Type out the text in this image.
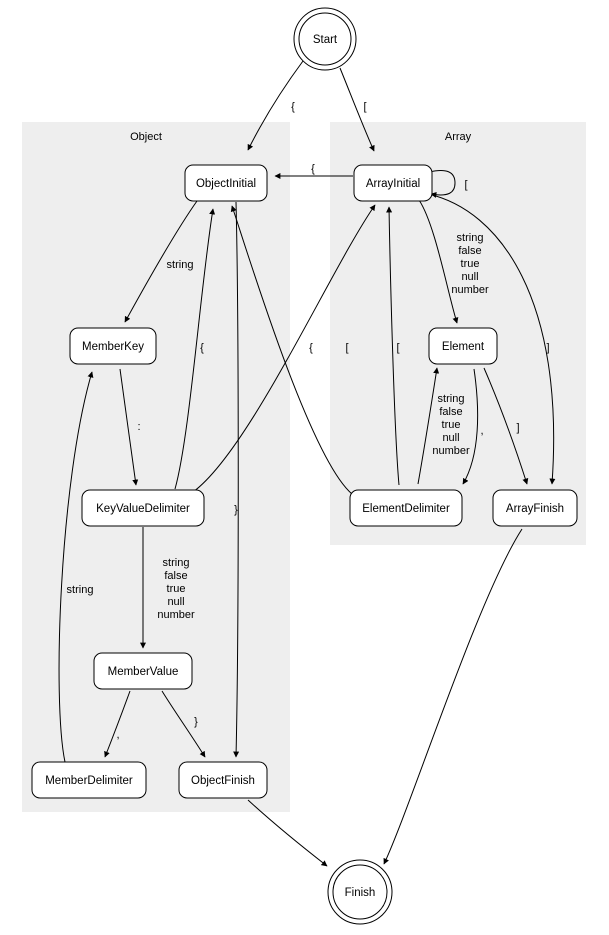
Object	Array
{	[
{
[
string
string
false
true
null
number
:
{	[
{	[
string
false
true
null
number
,	]
]
string
false
true
null
number
,
}
string
}
Start
ObjectInitial	ArrayInitial
MemberKey	Element
KeyValueDelimiter	ElementDelimiter	ArrayFinish
MemberValue
MemberDelimiter	ObjectFinish
Finish
